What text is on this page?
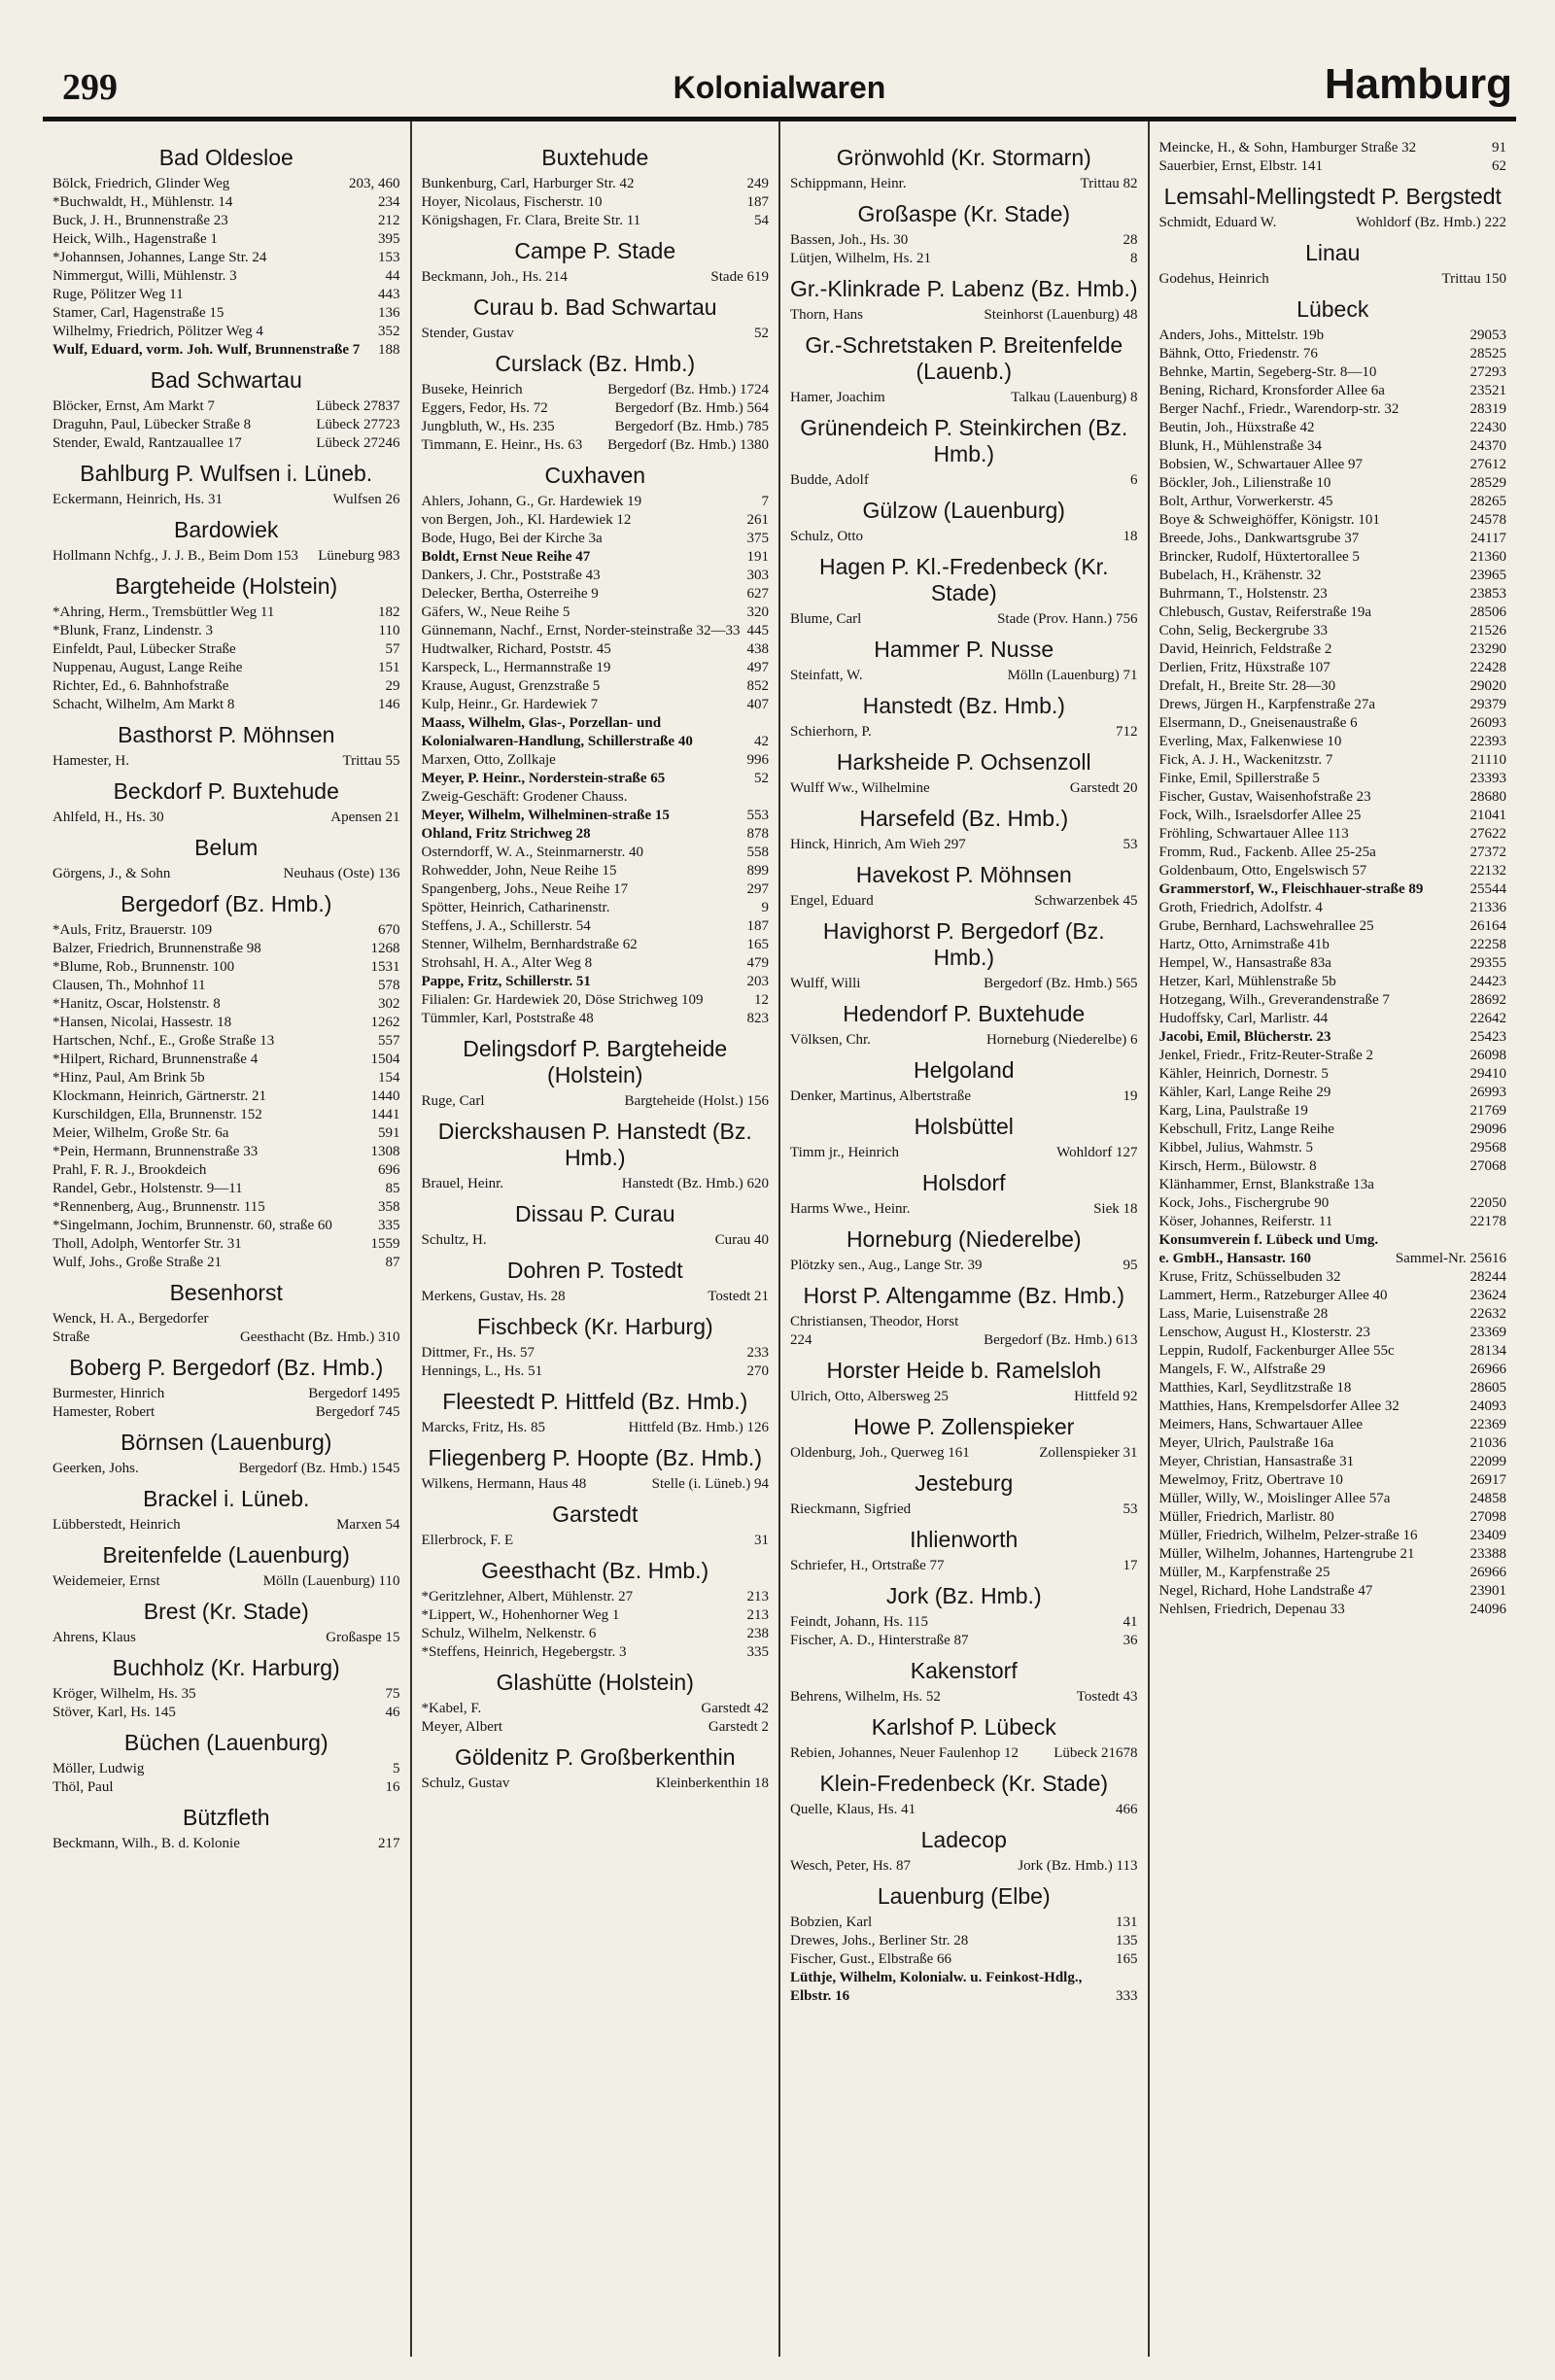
299	Kolonialwaren	Hamburg
Bad Oldesloe
Bölck, Friedrich, Glinder Weg	203, 460
*Buchwaldt, H., Mühlenstr. 14	234
Buck, J. H., Brunnenstraße 23	212
Heick, Wilh., Hagenstraße 1	395
*Johannsen, Johannes, Lange Str. 24	153
Nimmergut, Willi, Mühlenstr. 3	44
Ruge, Pölitzer Weg 11	443
Stamer, Carl, Hagenstraße 15	136
Wilhelmy, Friedrich, Pölitzer Weg 4	352
Wulf, Eduard, vorm. Joh. Wulf, Brunnenstraße 7	188
Bad Schwartau
Blöcker, Ernst, Am Markt 7	Lübeck 27837
Draguhn, Paul, Lübecker Straße 8	Lübeck 27723
Stender, Ewald, Rantzauallee 17	Lübeck 27246
Bahlburg P. Wulfsen i. Lüneb.
Eckermann, Heinrich, Hs. 31	Wulfsen 26
Bardowiek
Hollmann Nchfg., J. J. B., Beim Dom 153	Lüneburg 983
Bargteheide (Holstein)
*Ahring, Herm., Tremsbüttler Weg 11	182
*Blunk, Franz, Lindenstr. 3	110
Einfeldt, Paul, Lübecker Straße	57
Nuppenau, August, Lange Reihe	151
Richter, Ed., 6. Bahnhofstraße	29
Schacht, Wilhelm, Am Markt 8	146
Basthorst P. Möhnsen
Hamester, H.	Trittau 55
Beckdorf P. Buxtehude
Ahlfeld, H., Hs. 30	Apensen 21
Belum
Görgens, J., & Sohn	Neuhaus (Oste) 136
Bergedorf (Bz. Hmb.)
*Auls, Fritz, Brauerstr. 109	670
Balzer, Friedrich, Brunnenstraße 98	1268
*Blume, Rob., Brunnenstr. 100	1531
Clausen, Th., Mohnhof 11	578
*Hanitz, Oscar, Holstenstr. 8	302
*Hansen, Nicolai, Hassestr. 18	1262
Hartschen, Nchf., E., Große Straße 13	557
*Hilpert, Richard, Brunnenstraße 4	1504
*Hinz, Paul, Am Brink 5b	154
Klockmann, Heinrich, Gärtnerstr. 21	1440
Kurschildgen, Ella, Brunnenstr. 152	1441
Meier, Wilhelm, Große Str. 6a	591
*Pein, Hermann, Brunnenstraße 33	1308
Prahl, F. R. J., Brookdeich	696
Randel, Gebr., Holstenstr. 9—11	85
*Rennenberg, Aug., Brunnenstr. 115	358
*Singelmann, Jochim, Brunnenstr. 60, straße 60	335
Tholl, Adolph, Wentorfer Str. 31	1559
Wulf, Johs., Große Straße 21	87
Besenhorst
Wenck, H. A., Bergedorfer Straße	Geesthacht (Bz. Hmb.) 310
Boberg P. Bergedorf (Bz. Hmb.)
Burmester, Hinrich	Bergedorf 1495
Hamester, Robert	Bergedorf 745
Börnsen (Lauenburg)
Geerken, Johs.	Bergedorf (Bz. Hmb.) 1545
Brackel i. Lüneb.
Lübberstedt, Heinrich	Marxen 54
Breitenfelde (Lauenburg)
Weidemeier, Ernst	Mölln (Lauenburg) 110
Brest (Kr. Stade)
Ahrens, Klaus	Großaspe 15
Buchholz (Kr. Harburg)
Kröger, Wilhelm, Hs. 35	75
Stöver, Karl, Hs. 145	46
Büchen (Lauenburg)
Möller, Ludwig	5
Thöl, Paul	16
Bützfleth
Beckmann, Wilh., B. d. Kolonie	217
Buxtehude
Bunkenburg, Carl, Harburger Str. 42	249
Hoyer, Nicolaus, Fischerstr. 10	187
Königshagen, Fr. Clara, Breite Str. 11	54
Campe P. Stade
Beckmann, Joh., Hs. 214	Stade 619
Curau b. Bad Schwartau
Stender, Gustav	52
Curslack (Bz. Hmb.)
Buseke, Heinrich	Bergedorf (Bz. Hmb.) 1724
Eggers, Fedor, Hs. 72	Bergedorf (Bz. Hmb.) 564
Jungbluth, W., Hs. 235	Bergedorf (Bz. Hmb.) 785
Timmann, E. Heinr., Hs. 63	Bergedorf (Bz. Hmb.) 1380
Cuxhaven
Ahlers, Johann, G., Gr. Hardewiek 19	7
von Bergen, Joh., Kl. Hardewiek 12	261
Bode, Hugo, Bei der Kirche 3a	375
Boldt, Ernst Neue Reihe 47	191
Dankers, J. Chr., Poststraße 43	303
Delecker, Bertha, Osterreihe 9	627
Gäfers, W., Neue Reihe 5	320
Günnemann, Nachf., Ernst, Norder-steinstraße 32—33 445
Hudtwalker, Richard, Poststr. 45	438
Karspeck, L., Hermannstraße 19	497
Krause, August, Grenzstraße 5	852
Kulp, Heinr., Gr. Hardewiek 7	407
Maass, Wilhelm, Glas-, Porzellan- und Kolonialwaren-Handlung, Schillerstraße 40	42
Marxen, Otto, Zollkaje	996
Meyer, P. Heinr., Norderstein-straße 65	52
Zweig-Geschäft: Grodener Chauss.
Meyer, Wilhelm, Wilhelminen-straße 15	553
Ohland, Fritz Strichweg 28	878
Osterndorff, W. A., Steinmarnerstr. 40	558
Rohwedder, John, Neue Reihe 15	899
Spangenberg, Johs., Neue Reihe 17	297
Spötter, Heinrich, Catharinenstr.	9
Steffens, J. A., Schillerstr. 54	187
Stenner, Wilhelm, Bernhardstraße 62	165
Strohsahl, H. A., Alter Weg 8	479
Pappe, Fritz, Schillerstr. 51	203
Filialen: Gr. Hardewiek 20, Döse Strichweg 109	12
Tümmler, Karl, Poststraße 48	823
Delingsdorf P. Bargteheide (Holstein)
Ruge, Carl	Bargteheide (Holst.) 156
Dierckshausen P. Hanstedt (Bz. Hmb.)
Brauel, Heinr.	Hanstedt (Bz. Hmb.) 620
Dissau P. Curau
Schultz, H.	Curau 40
Dohren P. Tostedt
Merkens, Gustav, Hs. 28	Tostedt 21
Fischbeck (Kr. Harburg)
Dittmer, Fr., Hs. 57	233
Hennings, L., Hs. 51	270
Fleestedt P. Hittfeld (Bz. Hmb.)
Marcks, Fritz, Hs. 85	Hittfeld (Bz. Hmb.) 126
Fliegenberg P. Hoopte (Bz. Hmb.)
Wilkens, Hermann, Haus 48	Stelle (i. Lüneb.) 94
Garstedt
Ellerbrock, F. E	31
Geesthacht (Bz. Hmb.)
*Geritzlehner, Albert, Mühlenstr. 27	213
*Lippert, W., Hohenhorner Weg 1	213
Schulz, Wilhelm, Nelkenstr. 6	238
*Steffens, Heinrich, Hegebergstr. 3	335
Glashütte (Holstein)
*Kabel, F.	Garstedt 42
Meyer, Albert	Garstedt 2
Göldenitz P. Großberkenthin
Schulz, Gustav	Kleinberkenthin 18
Grönwohld (Kr. Stormarn)
Schippmann, Heinr.	Trittau 82
Großaspe (Kr. Stade)
Bassen, Joh., Hs. 30	28
Lütjen, Wilhelm, Hs. 21	8
Gr.-Klinkrade P. Labenz (Bz. Hmb.)
Thorn, Hans	Steinhorst (Lauenburg) 48
Gr.-Schretstaken P. Breitenfelde (Lauenb.)
Hamer, Joachim	Talkau (Lauenburg) 8
Grünendeich P. Steinkirchen (Bz. Hmb.)
Budde, Adolf	6
Gülzow (Lauenburg)
Schulz, Otto	18
Hagen P. Kl.-Fredenbeck (Kr. Stade)
Blume, Carl	Stade (Prov. Hann.) 756
Hammer P. Nusse
Steinfatt, W.	Mölln (Lauenburg) 71
Hanstedt (Bz. Hmb.)
Schierhorn, P.	712
Harksheide P. Ochsenzoll
Wulff Ww., Wilhelmine	Garstedt 20
Harsefeld (Bz. Hmb.)
Hinck, Hinrich, Am Wieh 297	53
Havekost P. Möhnsen
Engel, Eduard	Schwarzenbek 45
Havighorst P. Bergedorf (Bz. Hmb.)
Wulff, Willi	Bergedorf (Bz. Hmb.) 565
Hedendorf P. Buxtehude
Völksen, Chr.	Horneburg (Niederelbe) 6
Helgoland
Denker, Martinus, Albertstraße	19
Holsbüttel
Timm jr., Heinrich	Wohldorf 127
Holsdorf
Harms Wwe., Heinr.	Siek 18
Horneburg (Niederelbe)
Plötzky sen., Aug., Lange Str. 39	95
Horst P. Altengamme (Bz. Hmb.)
Christiansen, Theodor, Horst 224	Bergedorf (Bz. Hmb.) 613
Horster Heide b. Ramelsloh
Ulrich, Otto, Albersweg 25	Hittfeld 92
Howe P. Zollenspieker
Oldenburg, Joh., Querweg 161	Zollenspieker 31
Jesteburg
Rieckmann, Sigfried	53
Ihlienworth
Schriefer, H., Ortstraße 77	17
Jork (Bz. Hmb.)
Feindt, Johann, Hs. 115	41
Fischer, A. D., Hinterstraße 87	36
Kakenstorf
Behrens, Wilhelm, Hs. 52	Tostedt 43
Karlshof P. Lübeck
Rebien, Johannes, Neuer Faulenhop 12	Lübeck 21678
Klein-Fredenbeck (Kr. Stade)
Quelle, Klaus, Hs. 41	466
Ladecop
Wesch, Peter, Hs. 87	Jork (Bz. Hmb.) 113
Lauenburg (Elbe)
Bobzien, Karl	131
Drewes, Johs., Berliner Str. 28	135
Fischer, Gust., Elbstraße 66	165
Lüthje, Wilhelm, Kolonialw. u. Feinkost-Hdlg., Elbstr. 16	333
Meincke, H., & Sohn, Hamburger Straße 32	91
Sauerbier, Ernst, Elbstr. 141	62
Lemsahl-Mellingstedt P. Bergstedt
Schmidt, Eduard W.	Wohldorf (Bz. Hmb.) 222
Linau
Godehus, Heinrich	Trittau 150
Lübeck
Anders, Johs., Mittelstr. 19b	29053
Bähnk, Otto, Friedenstr. 76	28525
Behnke, Martin, Segeberg-Str. 8—10	27293
Bening, Richard, Kronsforder Allee 6a	23521
Berger Nachf., Friedr., Warendorp-str. 32	28319
Beutin, Joh., Hüxstraße 42	22430
Blunk, H., Mühlenstraße 34	24370
Bobsien, W., Schwartauer Allee 97	27612
Böckler, Joh., Lilienstraße 10	28529
Bolt, Arthur, Vorwerkerstr. 45	28265
Boye & Schweighöffer, Königstr. 101	24578
Breede, Johs., Dankwartsgrube 37	24117
Brincker, Rudolf, Hüxtertorallee 5	21360
Bubelach, H., Krähenstr. 32	23965
Buhrmann, T., Holstenstr. 23	23853
Chlebusch, Gustav, Reiferstraße 19a	28506
Cohn, Selig, Beckergrube 33	21526
David, Heinrich, Feldstraße 2	23290
Derlien, Fritz, Hüxstraße 107	22428
Drefalt, H., Breite Str. 28—30	29020
Drews, Jürgen H., Karpfenstraße 27a	29379
Elsermann, D., Gneisenaustraße 6	26093
Everling, Max, Falkenwiese 10	22393
Fick, A. J. H., Wackenitzstr. 7	21110
Finke, Emil, Spillerstraße 5	23393
Fischer, Gustav, Waisenhofstraße 23	28680
Fock, Wilh., Israelsdorfer Allee 25	21041
Fröhling, Schwartauer Allee 113	27622
Fromm, Rud., Fackenb. Allee 25-25a	27372
Goldenbaum, Otto, Engelswisch 57	22132
Grammerstorf, W., Fleischhauer-straße 89	25544
Groth, Friedrich, Adolfstr. 4	21336
Grube, Bernhard, Lachswehrallee 25	26164
Hartz, Otto, Arnimstraße 41b	22258
Hempel, W., Hansastraße 83a	29355
Hetzer, Karl, Mühlenstraße 5b	24423
Hotzegang, Wilh., Greverandenstraße 7	28692
Hudoffsky, Carl, Marlistr. 44	22642
Jacobi, Emil, Blücherstr. 23	25423
Jenkel, Friedr., Fritz-Reuter-Straße 2	26098
Kähler, Heinrich, Dornestr. 5	29410
Kähler, Karl, Lange Reihe 29	26993
Karg, Lina, Paulstraße 19	21769
Kebschull, Fritz, Lange Reihe	29096
Kibbel, Julius, Wahmstr. 5	29568
Kirsch, Herm., Bülowstr. 8	27068
Klänhammer, Ernst, Blankstraße 13a
Kock, Johs., Fischergrube 90	22050
Köser, Johannes, Reiferstr. 11	22178
Konsumverein f. Lübeck und Umg. e. GmbH., Hansastr. 160	Sammel-Nr. 25616
Kruse, Fritz, Schüsselbuden 32	28244
Lammert, Herm., Ratzeburger Allee 40	23624
Lass, Marie, Luisenstraße 28	22632
Lenschow, August H., Klosterstr. 23	23369
Leppin, Rudolf, Fackenburger Allee 55c	28134
Mangels, F. W., Alfstraße 29	26966
Matthies, Karl, Seydlitzstraße 18	28605
Matthies, Hans, Krempelsdorfer Allee 32	24093
Meimers, Hans, Schwartauer Allee	22369
Meyer, Ulrich, Paulstraße 16a	21036
Meyer, Christian, Hansastraße 31	22099
Mewelmoy, Fritz, Obertrave 10	26917
Müller, Willy, W., Moislinger Allee 57a	24858
Müller, Friedrich, Marlistr. 80	27098
Müller, Friedrich, Wilhelm, Pelzer-straße 16	23409
Müller, Wilhelm, Johannes, Hartengrube 21	23388
Müller, M., Karpfenstraße 25	26966
Negel, Richard, Hohe Landstraße 47	23901
Nehlsen, Friedrich, Depenau 33	24096
